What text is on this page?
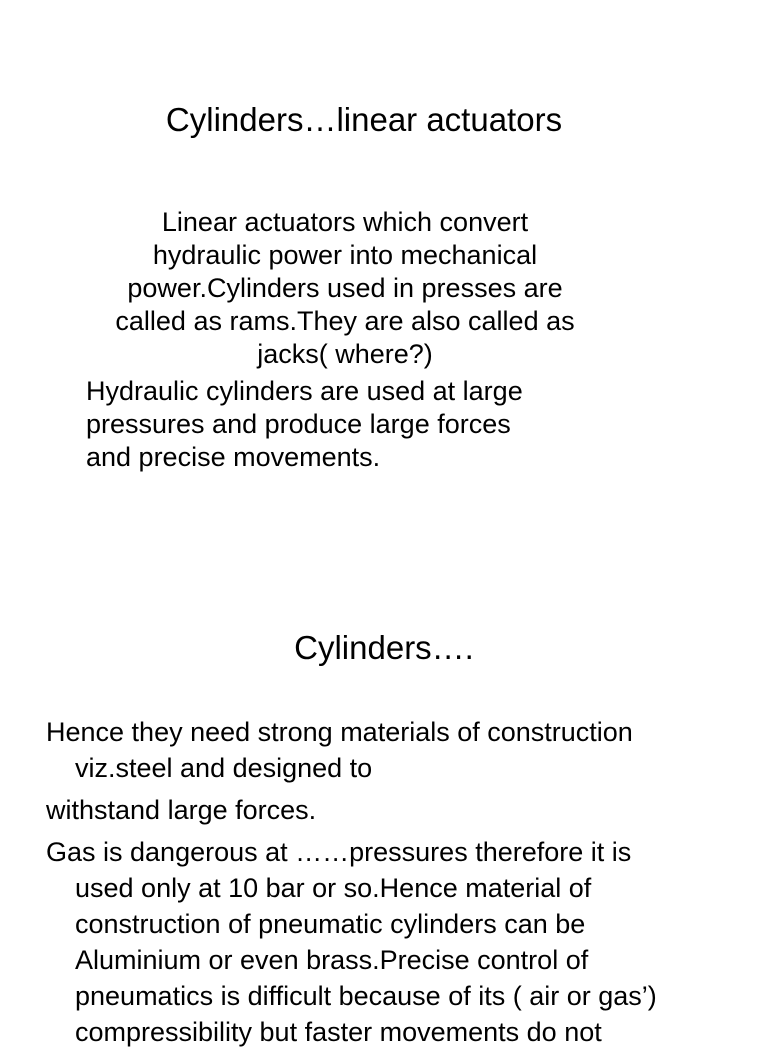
Cylinders…linear actuators
Linear actuators which convert
hydraulic power into mechanical
power.Cylinders used in presses are
called as rams.They are also called as
jacks( where?)
Hydraulic cylinders are used at large
pressures and produce large forces
and precise movements.
Cylinders….
Hence they need strong materials of construction
viz.steel and designed to
withstand large forces.
Gas is dangerous at ……pressures therefore it is
used only at 10 bar or so.Hence material of
construction of pneumatic cylinders can be
Aluminium or even brass.Precise control of
pneumatics is difficult because of its ( air or gas’)
compressibility but faster movements do not
